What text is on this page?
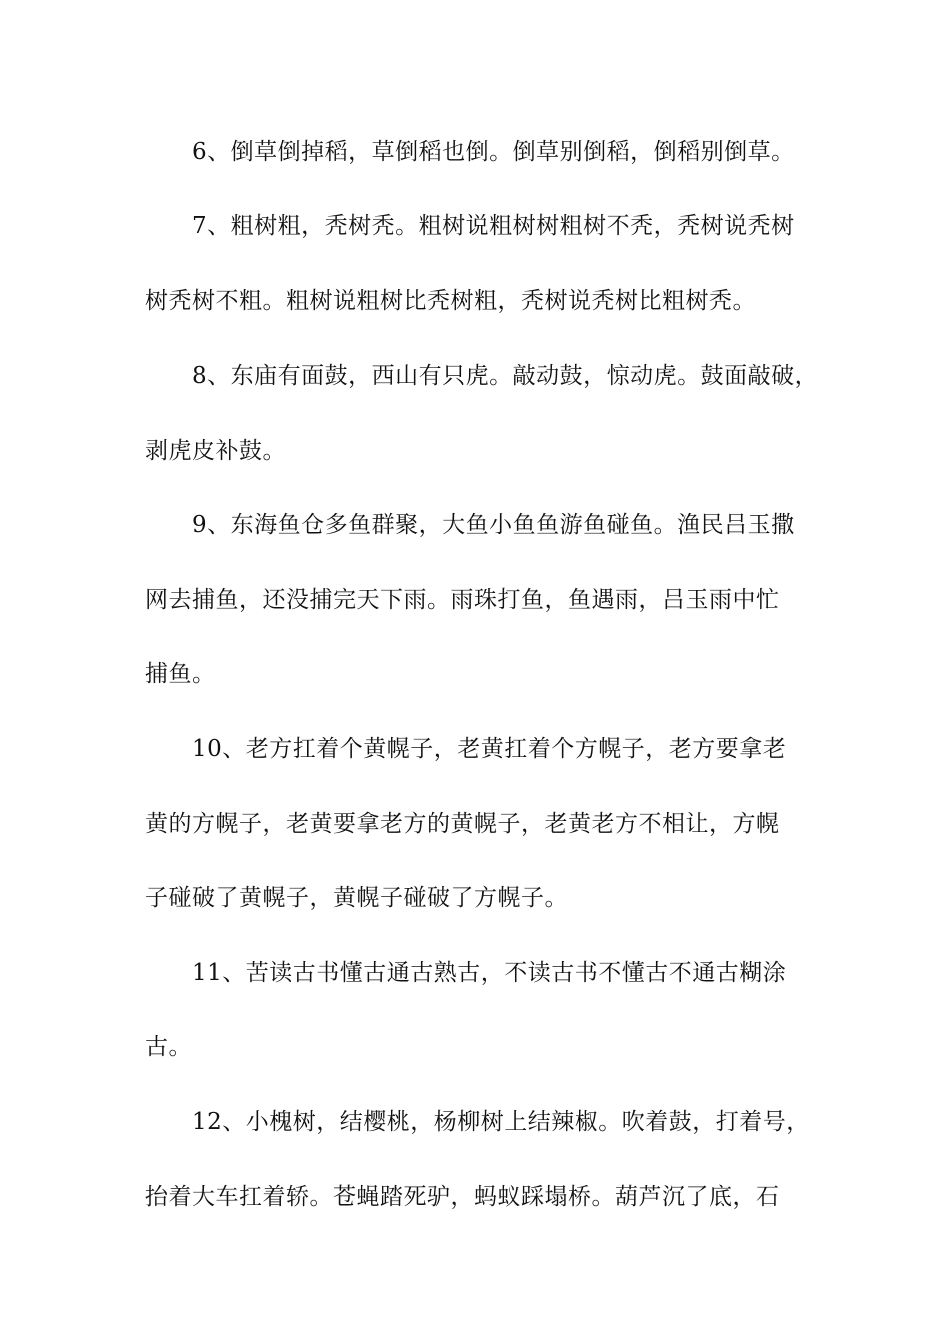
6、倒草倒掉稻，草倒稻也倒。倒草别倒稻，倒稻别倒草。
7、粗树粗，秃树秃。粗树说粗树树粗树不秃，秃树说秃树
树秃树不粗。粗树说粗树比秃树粗，秃树说秃树比粗树秃。
8、东庙有面鼓，西山有只虎。敲动鼓，惊动虎。鼓面敲破，
剥虎皮补鼓。
9、东海鱼仓多鱼群聚，大鱼小鱼鱼游鱼碰鱼。渔民吕玉撒
网去捕鱼，还没捕完天下雨。雨珠打鱼，鱼遇雨，吕玉雨中忙
捕鱼。
10、老方扛着个黄幌子，老黄扛着个方幌子，老方要拿老
黄的方幌子，老黄要拿老方的黄幌子，老黄老方不相让，方幌
子碰破了黄幌子，黄幌子碰破了方幌子。
11、苦读古书懂古通古熟古，不读古书不懂古不通古糊涂
古。
12、小槐树，结樱桃，杨柳树上结辣椒。吹着鼓，打着号，
抬着大车扛着轿。苍蝇踏死驴，蚂蚁踩塌桥。葫芦沉了底，石
